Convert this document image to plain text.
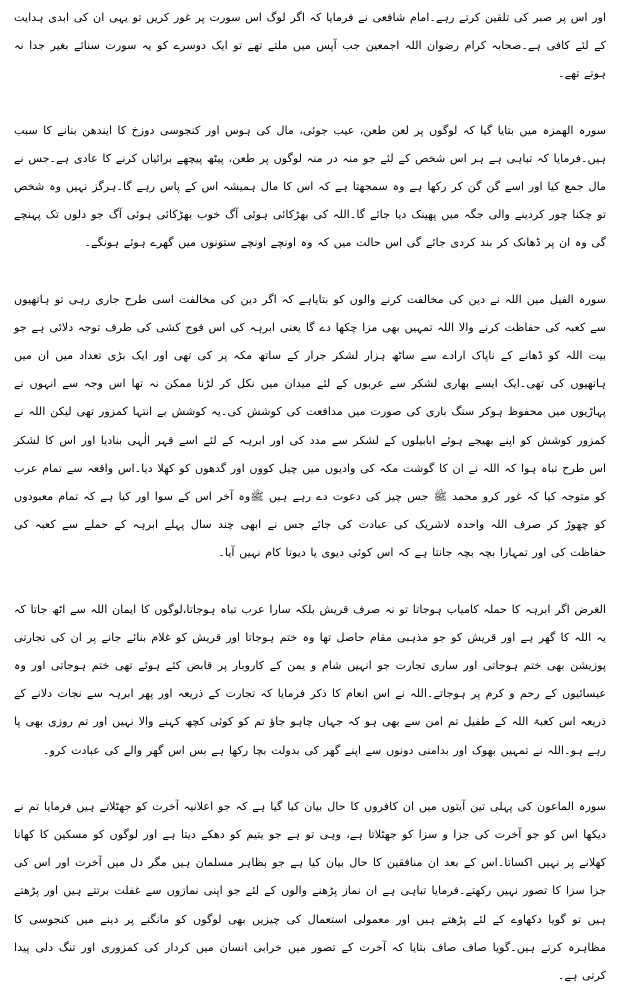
اور اس پر صبر کی تلقین کرتے رہے۔امام شافعی نے فرمایا کہ اگر لوگ اس سورت پر غور کریں تو یہی ان کی ابدی ہدایت کے لئے کافی ہے۔صحابہ کرام رضوان اللہ اجمعین جب آپس میں ملتے تھے تو ایک دوسرے کو یہ سورت سنائے بغیر جدا نہ ہوتے تھے۔

سورہ الھمزہ میں بتایا گیا کہ لوگوں پر لعن طعن، عیب جوئی، مال کی ہوس اور کنجوسی دوزخ کا ایندھن بنانے کا سبب ہیں۔فرمایا کہ تباہی ہے ہر اس شخص کے لئے جو منہ در منہ لوگوں پر طعن، پیٹھ پیچھے برائیاں کرنے کا عادی ہے۔جس نے مال جمع کیا اور اسے گن گن کر رکھا ہے وہ سمجھتا ہے کہ اس کا مال ہمیشہ اس کے پاس رہے گا۔ہرگز نہیں وہ شخص تو چکنا چور کردینے والی جگہ میں پھینک دیا جائے گا۔اللہ کی بھڑکائی ہوئی آگ خوب بھڑکائی ہوئی آگ جو دلوں تک پہنچے گی وہ ان پر ڈھانک کر بند کردی جائے گی اس حالت میں کہ وہ اونچے اونچے ستونوں میں گھرے ہوئے ہونگے۔

سورہ الفیل میں اللہ نے دین کی مخالفت کرنے والوں کو بتایاہے کہ اگر دین کی مخالفت اسی طرح جاری رہی تو ہاتھیوں سے کعبہ کی حفاظت کرنے والا اللہ تمہیں بھی مزا چکھا دے گا یعنی ابرہہ کی اس فوج کشی کی طرف توجہ دلائی ہے جو بیت اللہ کو ڈھانے کے ناپاک ارادے سے ساٹھ ہزار لشکر جرار کے ساتھ مکہ پر کی تھی اور ایک بڑی تعداد میں ان میں ہاتھیوں کی تھی۔ایک ایسے بھاری لشکر سے عربوں کے لئے میدان میں نکل کر لڑنا ممکن نہ تھا اس وجہ سے انہوں نے پہاڑیوں میں محفوظ ہوکر سنگ باری کی صورت میں مدافعت کی کوشش کی۔یہ کوشش بے انتہا کمزور تھی لیکن اللہ نے کمزور کوشش کو اپنے بھیجے ہوئے ابابیلوں کے لشکر سے مدد کی اور ابرہہ کے لئے اسے قہر الٰہی بنادیا اور اس کا لشکر اس طرح تباہ ہوا کہ اللہ نے ان کا گوشت مکہ کی وادیوں میں چیل کووں اور گدھوں کو کھلا دیا۔اس واقعہ سے تمام عرب کو متوجہ کیا کہ غور کرو محمد ﷺ جس چیز کی دعوت دے رہے ہیں ﷺوہ آخر اس کے سوا اور کیا ہے کہ تمام معبودوں کو چھوڑ کر صرف اللہ واحدہ لاشریک کی عبادت کی جائے جس نے ابھی چند سال پہلے ابرہہ کے حملے سے کعبہ کی حفاظت کی اور تمہارا بچہ بچہ جانتا ہے کہ اس کوئی دیوی یا دیوتا کام نہیں آیا۔

الغرض اگر ابرہہ کا حملہ کامیاب ہوجاتا تو نہ صرف قریش بلکہ سارا عرب تباہ ہوجاتا،لوگوں کا ایمان اللہ سے اٹھ جاتا کہ یہ اللہ کا گھر ہے اور قریش کو جو مذہبی مقام حاصل تھا وہ ختم ہوجاتا اور قریش کو غلام بنائے جانے پر ان کی تجارتی پوزیشن بھی ختم ہوجاتی اور ساری تجارت جو انہیں شام و یمن کے کاروبار پر قابض کئے ہوئے تھی ختم ہوجاتی اور وہ عیسائیوں کے رحم و کرم پر ہوجاتے۔اللہ نے اس انعام کا ذکر فرمایا کہ تجارت کے ذریعہ اور پھر ابرہہ سے نجات دلانے کے ذریعہ اس کعبۃ اللہ کے طفیل تم امن سے بھی ہو کہ جہاں چاہو جاؤ تم کو کوئی کچھ کہنے والا نہیں اور تم روزی بھی پا رہے ہو۔اللہ نے تمہیں بھوک اور بدامنی دونوں سے اپنے گھر کی بدولت بچا رکھا ہے بس اس گھر والے کی عبادت کرو۔

سورہ الماعون کی پہلی تین آیتوں میں ان کافروں کا حال بیان کیا گیا ہے کہ جو اعلانیہ آخرت کو جھٹلاتے ہیں فرمایا تم نے دیکھا اس کو جو آخرت کی جزا و سزا کو جھٹلاتا ہے، وہی تو ہے جو یتیم کو دھکے دیتا ہے اور لوگوں کو مسکین کا کھانا کھلانے پر نہیں اکساتا۔اس کے بعد ان منافقین کا حال بیان کیا ہے جو بظاہر مسلمان ہیں مگر دل میں آخرت اور اس کی جزا سزا کا تصور نہیں رکھتے۔فرمایا تباہی ہے ان نماز پڑھنے والوں کے لئے جو اپنی نمازوں سے غفلت برتتے ہیں اور پڑھتے ہیں تو گویا دکھاوے کے لئے پڑھتے ہیں اور معمولی استعمال کی چیزیں بھی لوگوں کو مانگنے پر دینے میں کنجوسی کا مظاہرہ کرتے ہیں۔گویا صاف صاف بتایا کہ آخرت کے تصور میں خرابی انسان میں کردار کی کمزوری اور تنگ دلی پیدا کرتی ہے۔
